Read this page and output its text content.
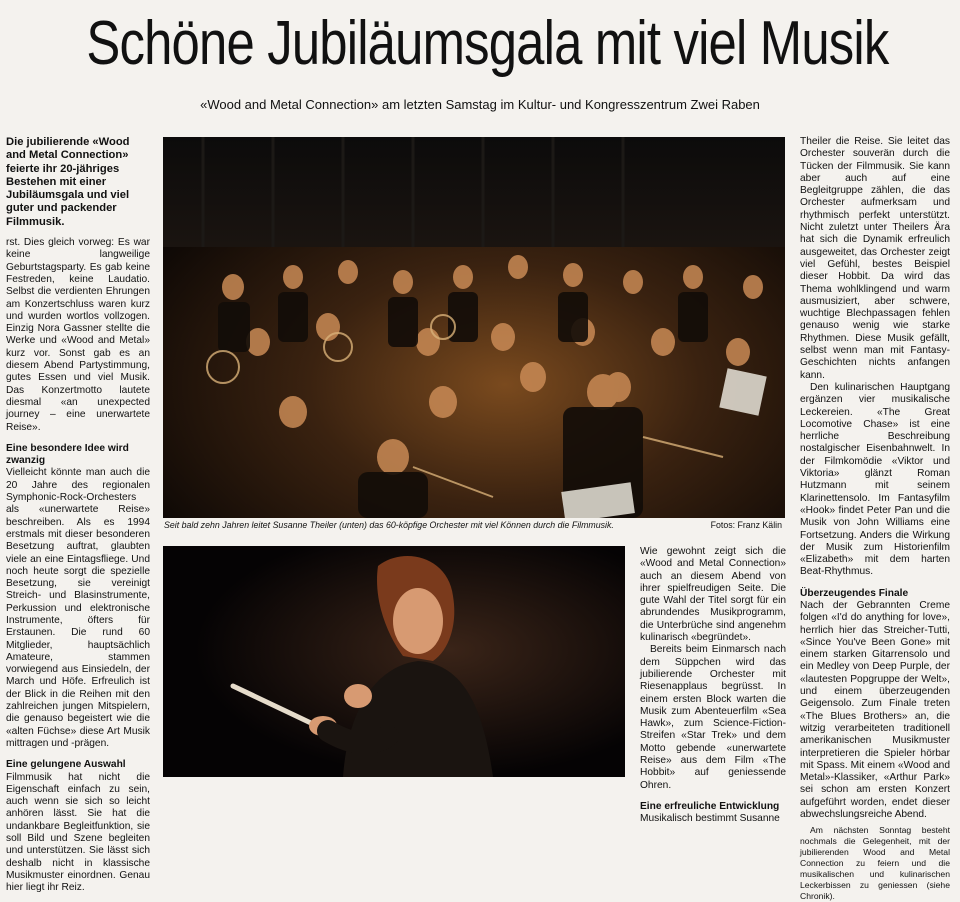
Schöne Jubiläumsgala mit viel Musik
«Wood and Metal Connection» am letzten Samstag im Kultur- und Kongresszentrum Zwei Raben

Die jubilierende «Wood and Metal Connection» feierte ihr 20-jähriges Bestehen mit einer Jubiläumsgala und viel guter und packender Filmmusik.

rst. Dies gleich vorweg: Es war keine langweilige Geburtstagsparty. Es gab keine Festreden, keine Laudatio. Selbst die verdienten Ehrungen am Konzertschluss waren kurz und wurden wortlos vollzogen. Einzig Nora Gassner stellte die Werke und «Wood and Metal» kurz vor. Sonst gab es an diesem Abend Partystimmung, gutes Essen und viel Musik. Das Konzertmotto lautete diesmal «an unexpected journey – eine unerwartete Reise».

Eine besondere Idee wird zwanzig

Vielleicht könnte man auch die 20 Jahre des regionalen Symphonic-Rock-Orchesters als «unerwartete Reise» beschreiben. Als es 1994 erstmals mit dieser besonderen Besetzung auftrat, glaubten viele an eine Eintagsfliege. Und noch heute sorgt die spezielle Besetzung, sie vereinigt Streich- und Blasinstrumente, Perkussion und elektronische Instrumente, öfters für Erstaunen. Die rund 60 Mitglieder, hauptsächlich Amateure, stammen vorwiegend aus Einsiedeln, der March und Höfe. Erfreulich ist der Blick in die Reihen mit den zahlreichen jungen Mitspielern, die genauso begeistert wie die «alten Füchse» diese Art Musik mittragen und -prägen.

Eine gelungene Auswahl

Filmmusik hat nicht die Eigenschaft einfach zu sein, auch wenn sie sich so leicht anhören lässt. Sie hat die undankbare Begleitfunktion, sie soll Bild und Szene begleiten und unterstützen. Sie lässt sich deshalb nicht in klassische Musikmuster einordnen. Genau hier liegt ihr Reiz.

Seit bald zehn Jahren leitet Susanne Theiler (unten) das 60-köpfige Orchester mit viel Können durch die Filmmusik.	Fotos: Franz Kälin

Wie gewohnt zeigt sich die «Wood and Metal Connection» auch an diesem Abend von ihrer spielfreudigen Seite. Die gute Wahl der Titel sorgt für ein abrundendes Musikprogramm, die Unterbrüche sind angenehm kulinarisch «begründet».

Bereits beim Einmarsch nach dem Süppchen wird das jubilierende Orchester mit Riesenapplaus begrüsst. In einem ersten Block warten die Musik zum Abenteuerfilm «Sea Hawk», zum Science-Fiction-Streifen «Star Trek» und dem Motto gebende «unerwartete Reise» aus dem Film «The Hobbit» auf geniessende Ohren.

Eine erfreuliche Entwicklung

Musikalisch bestimmt Susanne

Theiler die Reise. Sie leitet das Orchester souverän durch die Tücken der Filmmusik. Sie kann aber auch auf eine Begleitgruppe zählen, die das Orchester aufmerksam und rhythmisch perfekt unterstützt. Nicht zuletzt unter Theilers Ära hat sich die Dynamik erfreulich ausgeweitet, das Orchester zeigt viel Gefühl, bestes Beispiel dieser Hobbit. Da wird das Thema wohlklingend und warm ausmusiziert, aber schwere, wuchtige Blechpassagen fehlen genauso wenig wie starke Rhythmen. Diese Musik gefällt, selbst wenn man mit Fantasy-Geschichten nichts anfangen kann.

Den kulinarischen Hauptgang ergänzen vier musikalische Leckereien. «The Great Locomotive Chase» ist eine herrliche Beschreibung nostalgischer Eisenbahnwelt. In der Filmkomödie «Viktor und Viktoria» glänzt Roman Hutzmann mit seinem Klarinettensolo. Im Fantasyfilm «Hook» findet Peter Pan und die Musik von John Williams eine Fortsetzung. Anders die Wirkung der Musik zum Historienfilm «Elizabeth» mit dem harten Beat-Rhythmus.

Überzeugendes Finale

Nach der Gebrannten Creme folgen «I'd do anything for love», herrlich hier das Streicher-Tutti, «Since You've Been Gone» mit einem starken Gitarrensolo und ein Medley von Deep Purple, der «lautesten Popgruppe der Welt», und einem überzeugenden Geigensolo. Zum Finale treten «The Blues Brothers» an, die witzig verarbeiteten traditionell amerikanischen Musikmuster interpretieren die Spieler hörbar mit Spass. Mit einem «Wood and Metal»-Klassiker, «Arthur Park» sei schon am ersten Konzert aufgeführt worden, endet dieser abwechslungsreiche Abend.

Am nächsten Sonntag besteht nochmals die Gelegenheit, mit der jubilierenden Wood and Metal Connection zu feiern und die musikalischen und kulinarischen Leckerbissen zu geniessen (siehe Chronik).
